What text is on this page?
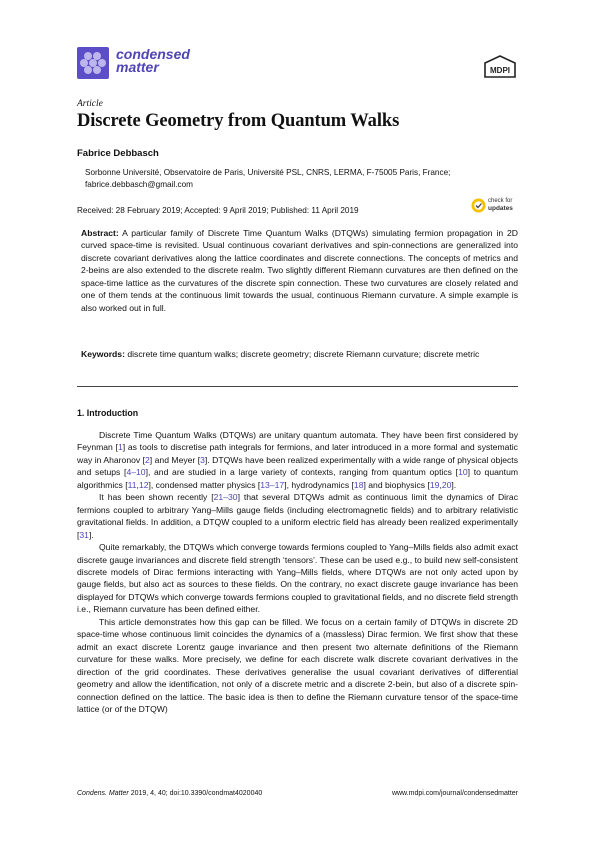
condensed
matter	MDPI
Article
Discrete Geometry from Quantum Walks
Fabrice Debbasch
Sorbonne Université, Observatoire de Paris, Université PSL, CNRS, LERMA, F-75005 Paris, France;
fabrice.debbasch@gmail.com
Received: 28 February 2019; Accepted: 9 April 2019; Published: 11 April 2019
check for
updates
Abstract: A particular family of Discrete Time Quantum Walks (DTQWs) simulating fermion propagation in 2D curved space-time is revisited. Usual continuous covariant derivatives and spin-connections are generalized into discrete covariant derivatives along the lattice coordinates and discrete connections. The concepts of metrics and 2-beins are also extended to the discrete realm. Two slightly different Riemann curvatures are then defined on the space-time lattice as the curvatures of the discrete spin connection. These two curvatures are closely related and one of them tends at the continuous limit towards the usual, continuous Riemann curvature. A simple example is also worked out in full.
Keywords: discrete time quantum walks; discrete geometry; discrete Riemann curvature; discrete metric
1. Introduction

Discrete Time Quantum Walks (DTQWs) are unitary quantum automata. They have been first considered by Feynman [1] as tools to discretise path integrals for fermions, and later introduced in a more formal and systematic way in Aharonov [2] and Meyer [3]. DTQWs have been realized experimentally with a wide range of physical objects and setups [4–10], and are studied in a large variety of contexts, ranging from quantum optics [10] to quantum algorithmics [11,12], condensed matter physics [13–17], hydrodynamics [18] and biophysics [19,20].

It has been shown recently [21–30] that several DTQWs admit as continuous limit the dynamics of Dirac fermions coupled to arbitrary Yang–Mills gauge fields (including electromagnetic fields) and to arbitrary relativistic gravitational fields. In addition, a DTQW coupled to a uniform electric field has already been realized experimentally [31].

Quite remarkably, the DTQWs which converge towards fermions coupled to Yang–Mills fields also admit exact discrete gauge invariances and discrete field strength ‘tensors’. These can be used e.g., to build new self-consistent discrete models of Dirac fermions interacting with Yang–Mills fields, where DTQWs are not only acted upon by gauge fields, but also act as sources to these fields. On the contrary, no exact discrete gauge invariance has been displayed for DTQWs which converge towards fermions coupled to gravitational fields, and no discrete field strength i.e., Riemann curvature has been defined either.

This article demonstrates how this gap can be filled. We focus on a certain family of DTQWs in discrete 2D space-time whose continuous limit coincides the dynamics of a (massless) Dirac fermion. We first show that these admit an exact discrete Lorentz gauge invariance and then present two alternate definitions of the Riemann curvature for these walks. More precisely, we define for each discrete walk discrete covariant derivatives in the direction of the grid coordinates. These derivatives generalise the usual covariant derivatives of differential geometry and allow the identification, not only of a discrete metric and a discrete 2-bein, but also of a discrete spin-connection defined on the lattice. The basic idea is then to define the Riemann curvature tensor of the space-time lattice (or of the DTQW)

Condens. Matter 2019, 4, 40; doi:10.3390/condmat4020040	www.mdpi.com/journal/condensedmatter
